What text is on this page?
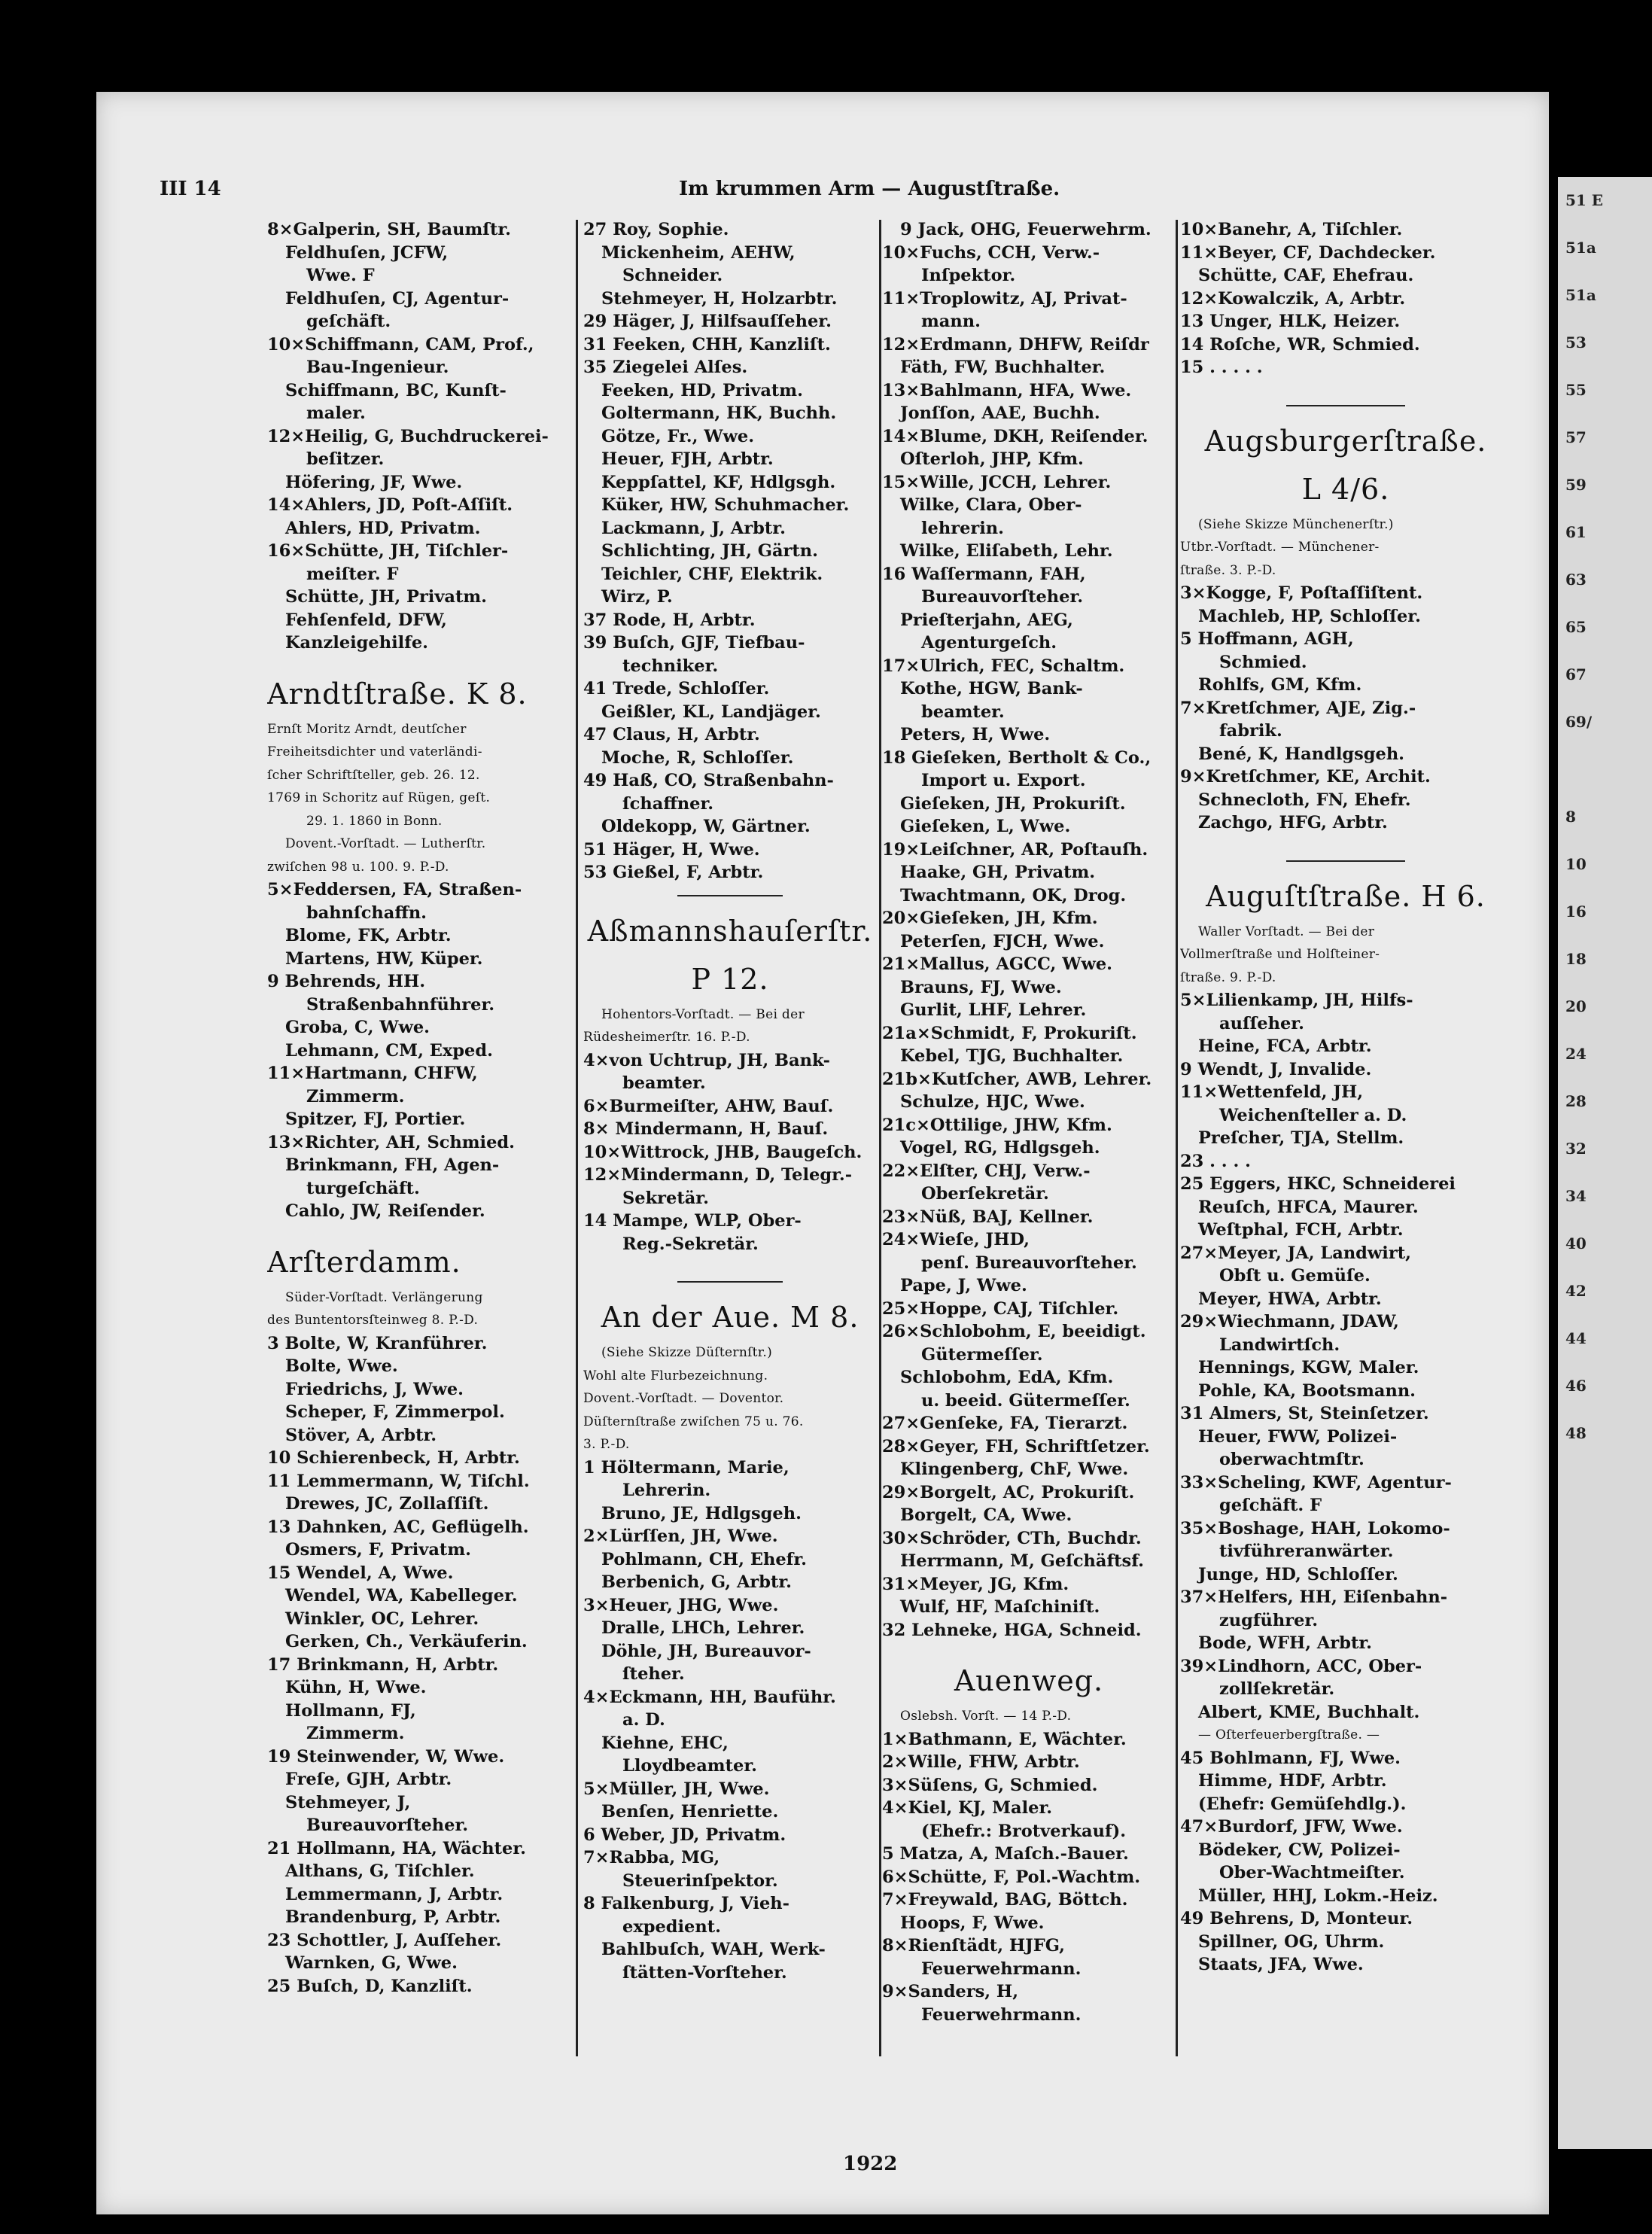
III 14	Im krummen Arm — Augustſtraße.
8×Galperin, SH, Baumſtr.
Feldhuſen, JCFW,
Wwe. F
Feldhuſen, CJ, Agentur-
geſchäft.
10×Schiffmann, CAM, Prof.,
Bau-Ingenieur.
Schiffmann, BC, Kunſt-
maler.
12×Heilig, G, Buchdruckerei-
beſitzer.
Höfering, JF, Wwe.
14×Ahlers, JD, Poſt-Aſſiſt.
Ahlers, HD, Privatm.
16×Schütte, JH, Tiſchler-
meiſter. F
Schütte, JH, Privatm.
Fehſenfeld, DFW,
Kanzleigehilfe.
Arndtſtraße. K 8.
Ernſt Moritz Arndt, deutſcher
Freiheitsdichter und vaterländi-
ſcher Schriftſteller, geb. 26. 12.
1769 in Schoritz auf Rügen, geſt.
29. 1. 1860 in Bonn.
Dovent.-Vorſtadt. — Lutherſtr.
zwiſchen 98 u. 100. 9. P.-D.
5×Feddersen, FA, Straßen-
bahnſchaffn.
Blome, FK, Arbtr.
Martens, HW, Küper.
9 Behrends, HH.
Straßenbahnführer.
Groba, C, Wwe.
Lehmann, CM, Exped.
11×Hartmann, CHFW,
Zimmerm.
Spitzer, FJ, Portier.
13×Richter, AH, Schmied.
Brinkmann, FH, Agen-
turgeſchäft.
Cahlo, JW, Reiſender.
Arſterdamm.
Süder-Vorſtadt. Verlängerung
des Buntentorsſteinweg 8. P.-D.
3 Bolte, W, Kranführer.
Bolte, Wwe.
Friedrichs, J, Wwe.
Scheper, F, Zimmerpol.
Stöver, A, Arbtr.
10 Schierenbeck, H, Arbtr.
11 Lemmermann, W, Tiſchl.
Drewes, JC, Zollaſſiſt.
13 Dahnken, AC, Geflügelh.
Osmers, F, Privatm.
15 Wendel, A, Wwe.
Wendel, WA, Kabelleger.
Winkler, OC, Lehrer.
Gerken, Ch., Verkäuferin.
17 Brinkmann, H, Arbtr.
Kühn, H, Wwe.
Hollmann, FJ,
Zimmerm.
19 Steinwender, W, Wwe.
Freſe, GJH, Arbtr.
Stehmeyer, J,
Bureauvorſteher.
21 Hollmann, HA, Wächter.
Althans, G, Tiſchler.
Lemmermann, J, Arbtr.
Brandenburg, P, Arbtr.
23 Schottler, J, Auſſeher.
Warnken, G, Wwe.
25 Buſch, D, Kanzliſt.
27 Roy, Sophie.
Mickenheim, AEHW,
Schneider.
Stehmeyer, H, Holzarbtr.
29 Häger, J, Hilfsauſſeher.
31 Feeken, CHH, Kanzliſt.
35 Ziegelei Alſes.
Feeken, HD, Privatm.
Goltermann, HK, Buchh.
Götze, Fr., Wwe.
Heuer, FJH, Arbtr.
Keppſattel, KF, Hdlgsgh.
Küker, HW, Schuhmacher.
Lackmann, J, Arbtr.
Schlichting, JH, Gärtn.
Teichler, CHF, Elektrik.
Wirz, P.
37 Rode, H, Arbtr.
39 Buſch, GJF, Tiefbau-
techniker.
41 Trede, Schloſſer.
Geißler, KL, Landjäger.
47 Claus, H, Arbtr.
Moche, R, Schloſſer.
49 Haß, CO, Straßenbahn-
ſchaffner.
Oldekopp, W, Gärtner.
51 Häger, H, Wwe.
53 Gießel, F, Arbtr.
Aßmannshauſerſtr.
P 12.
Hohentors-Vorſtadt. — Bei der
Rüdesheimerſtr. 16. P.-D.
4×von Uchtrup, JH, Bank-
beamter.
6×Burmeiſter, AHW, Bauſ.
8× Mindermann, H, Bauſ.
10×Wittrock, JHB, Baugeſch.
12×Mindermann, D, Telegr.-
Sekretär.
14 Mampe, WLP, Ober-
Reg.-Sekretär.
An der Aue. M 8.
(Siehe Skizze Düſternſtr.)
Wohl alte Flurbezeichnung.
Dovent.-Vorſtadt. — Doventor.
Düſternſtraße zwiſchen 75 u. 76.
3. P.-D.
1 Höltermann, Marie,
Lehrerin.
Bruno, JE, Hdlgsgeh.
2×Lürſſen, JH, Wwe.
Pohlmann, CH, Ehefr.
Berbenich, G, Arbtr.
3×Heuer, JHG, Wwe.
Dralle, LHCh, Lehrer.
Döhle, JH, Bureauvor-
ſteher.
4×Eckmann, HH, Bauführ.
a. D.
Kiehne, EHC,
Lloydbeamter.
5×Müller, JH, Wwe.
Benſen, Henriette.
6 Weber, JD, Privatm.
7×Rabba, MG,
Steuerinſpektor.
8 Falkenburg, J, Vieh-
expedient.
Bahlbuſch, WAH, Werk-
ſtätten-Vorſteher.
9 Jack, OHG, Feuerwehrm.
10×Fuchs, CCH, Verw.-
Inſpektor.
11×Troplowitz, AJ, Privat-
mann.
12×Erdmann, DHFW, Reiſdr
Fäth, FW, Buchhalter.
13×Bahlmann, HFA, Wwe.
Jonſſon, AAE, Buchh.
14×Blume, DKH, Reiſender.
Oſterloh, JHP, Kfm.
15×Wille, JCCH, Lehrer.
Wilke, Clara, Ober-
lehrerin.
Wilke, Eliſabeth, Lehr.
16 Waſſermann, FAH,
Bureauvorſteher.
Prieſterjahn, AEG,
Agenturgeſch.
17×Ulrich, FEC, Schaltm.
Kothe, HGW, Bank-
beamter.
Peters, H, Wwe.
18 Gieſeken, Bertholt & Co.,
Import u. Export.
Gieſeken, JH, Prokuriſt.
Gieſeken, L, Wwe.
19×Leiſchner, AR, Poſtauſh.
Haake, GH, Privatm.
Twachtmann, OK, Drog.
20×Gieſeken, JH, Kfm.
Peterſen, FJCH, Wwe.
21×Mallus, AGCC, Wwe.
Brauns, FJ, Wwe.
Gurlit, LHF, Lehrer.
21a×Schmidt, F, Prokuriſt.
Kebel, TJG, Buchhalter.
21b×Kutſcher, AWB, Lehrer.
Schulze, HJC, Wwe.
21c×Ottilige, JHW, Kfm.
Vogel, RG, Hdlgsgeh.
22×Elſter, CHJ, Verw.-
Oberſekretär.
23×Nüß, BAJ, Kellner.
24×Wieſe, JHD,
penſ. Bureauvorſteher.
Pape, J, Wwe.
25×Hoppe, CAJ, Tiſchler.
26×Schlobohm, E, beeidigt.
Gütermeſſer.
Schlobohm, EdA, Kfm.
u. beeid. Gütermeſſer.
27×Genſeke, FA, Tierarzt.
28×Geyer, FH, Schriftſetzer.
Klingenberg, ChF, Wwe.
29×Borgelt, AC, Prokuriſt.
Borgelt, CA, Wwe.
30×Schröder, CTh, Buchdr.
Herrmann, M, Geſchäftsf.
31×Meyer, JG, Kfm.
Wulf, HF, Maſchiniſt.
32 Lehneke, HGA, Schneid.
Auenweg.
Oslebsh. Vorſt. — 14 P.-D.
1×Bathmann, E, Wächter.
2×Wille, FHW, Arbtr.
3×Süſens, G, Schmied.
4×Kiel, KJ, Maler.
(Ehefr.: Brotverkauf).
5 Matza, A, Maſch.-Bauer.
6×Schütte, F, Pol.-Wachtm.
7×Freywald, BAG, Böttch.
Hoops, F, Wwe.
8×Rienſtädt, HJFG,
Feuerwehrmann.
9×Sanders, H,
Feuerwehrmann.
10×Banehr, A, Tiſchler.
11×Beyer, CF, Dachdecker.
Schütte, CAF, Ehefrau.
12×Kowalczik, A, Arbtr.
13 Unger, HLK, Heizer.
14 Roſche, WR, Schmied.
15 . . . . .
Augsburgerſtraße.
L 4/6.
(Siehe Skizze Münchenerſtr.)
Utbr.-Vorſtadt. — Münchener-
ſtraße. 3. P.-D.
3×Kogge, F, Poſtaſſiſtent.
Machleb, HP, Schloſſer.
5 Hoffmann, AGH,
Schmied.
Rohlfs, GM, Kfm.
7×Kretſchmer, AJE, Zig.-
fabrik.
Bené, K, Handlgsgeh.
9×Kretſchmer, KE, Archit.
Schnecloth, FN, Ehefr.
Zachgo, HFG, Arbtr.
Auguſtſtraße. H 6.
Waller Vorſtadt. — Bei der
Vollmerſtraße und Holſteiner-
ſtraße. 9. P.-D.
5×Lilienkamp, JH, Hilfs-
auſſeher.
Heine, FCA, Arbtr.
9 Wendt, J, Invalide.
11×Wettenfeld, JH,
Weichenſteller a. D.
Preſcher, TJA, Stellm.
23 . . . .
25 Eggers, HKC, Schneiderei
Reuſch, HFCA, Maurer.
Weſtphal, FCH, Arbtr.
27×Meyer, JA, Landwirt,
Obſt u. Gemüſe.
Meyer, HWA, Arbtr.
29×Wiechmann, JDAW,
Landwirtſch.
Hennings, KGW, Maler.
Pohle, KA, Bootsmann.
31 Almers, St, Steinſetzer.
Heuer, FWW, Polizei-
oberwachtmſtr.
33×Scheling, KWF, Agentur-
geſchäft. F
35×Boshage, HAH, Lokomo-
tivführeranwärter.
Junge, HD, Schloſſer.
37×Helfers, HH, Eiſenbahn-
zugführer.
Bode, WFH, Arbtr.
39×Lindhorn, ACC, Ober-
zollſekretär.
Albert, KME, Buchhalt.
— Oſterfeuerbergſtraße. —
45 Bohlmann, FJ, Wwe.
Himme, HDF, Arbtr.
(Ehefr: Gemüſehdlg.).
47×Burdorf, JFW, Wwe.
Bödeker, CW, Polizei-
Ober-Wachtmeiſter.
Müller, HHJ, Lokm.-Heiz.
49 Behrens, D, Monteur.
Spillner, OG, Uhrm.
Staats, JFA, Wwe.
1922
51 E
51a
51a
53
55
57
59
61
63
65
67
69/
8
10
16
18
20
24
28
32
34
40
42
44
46
48
